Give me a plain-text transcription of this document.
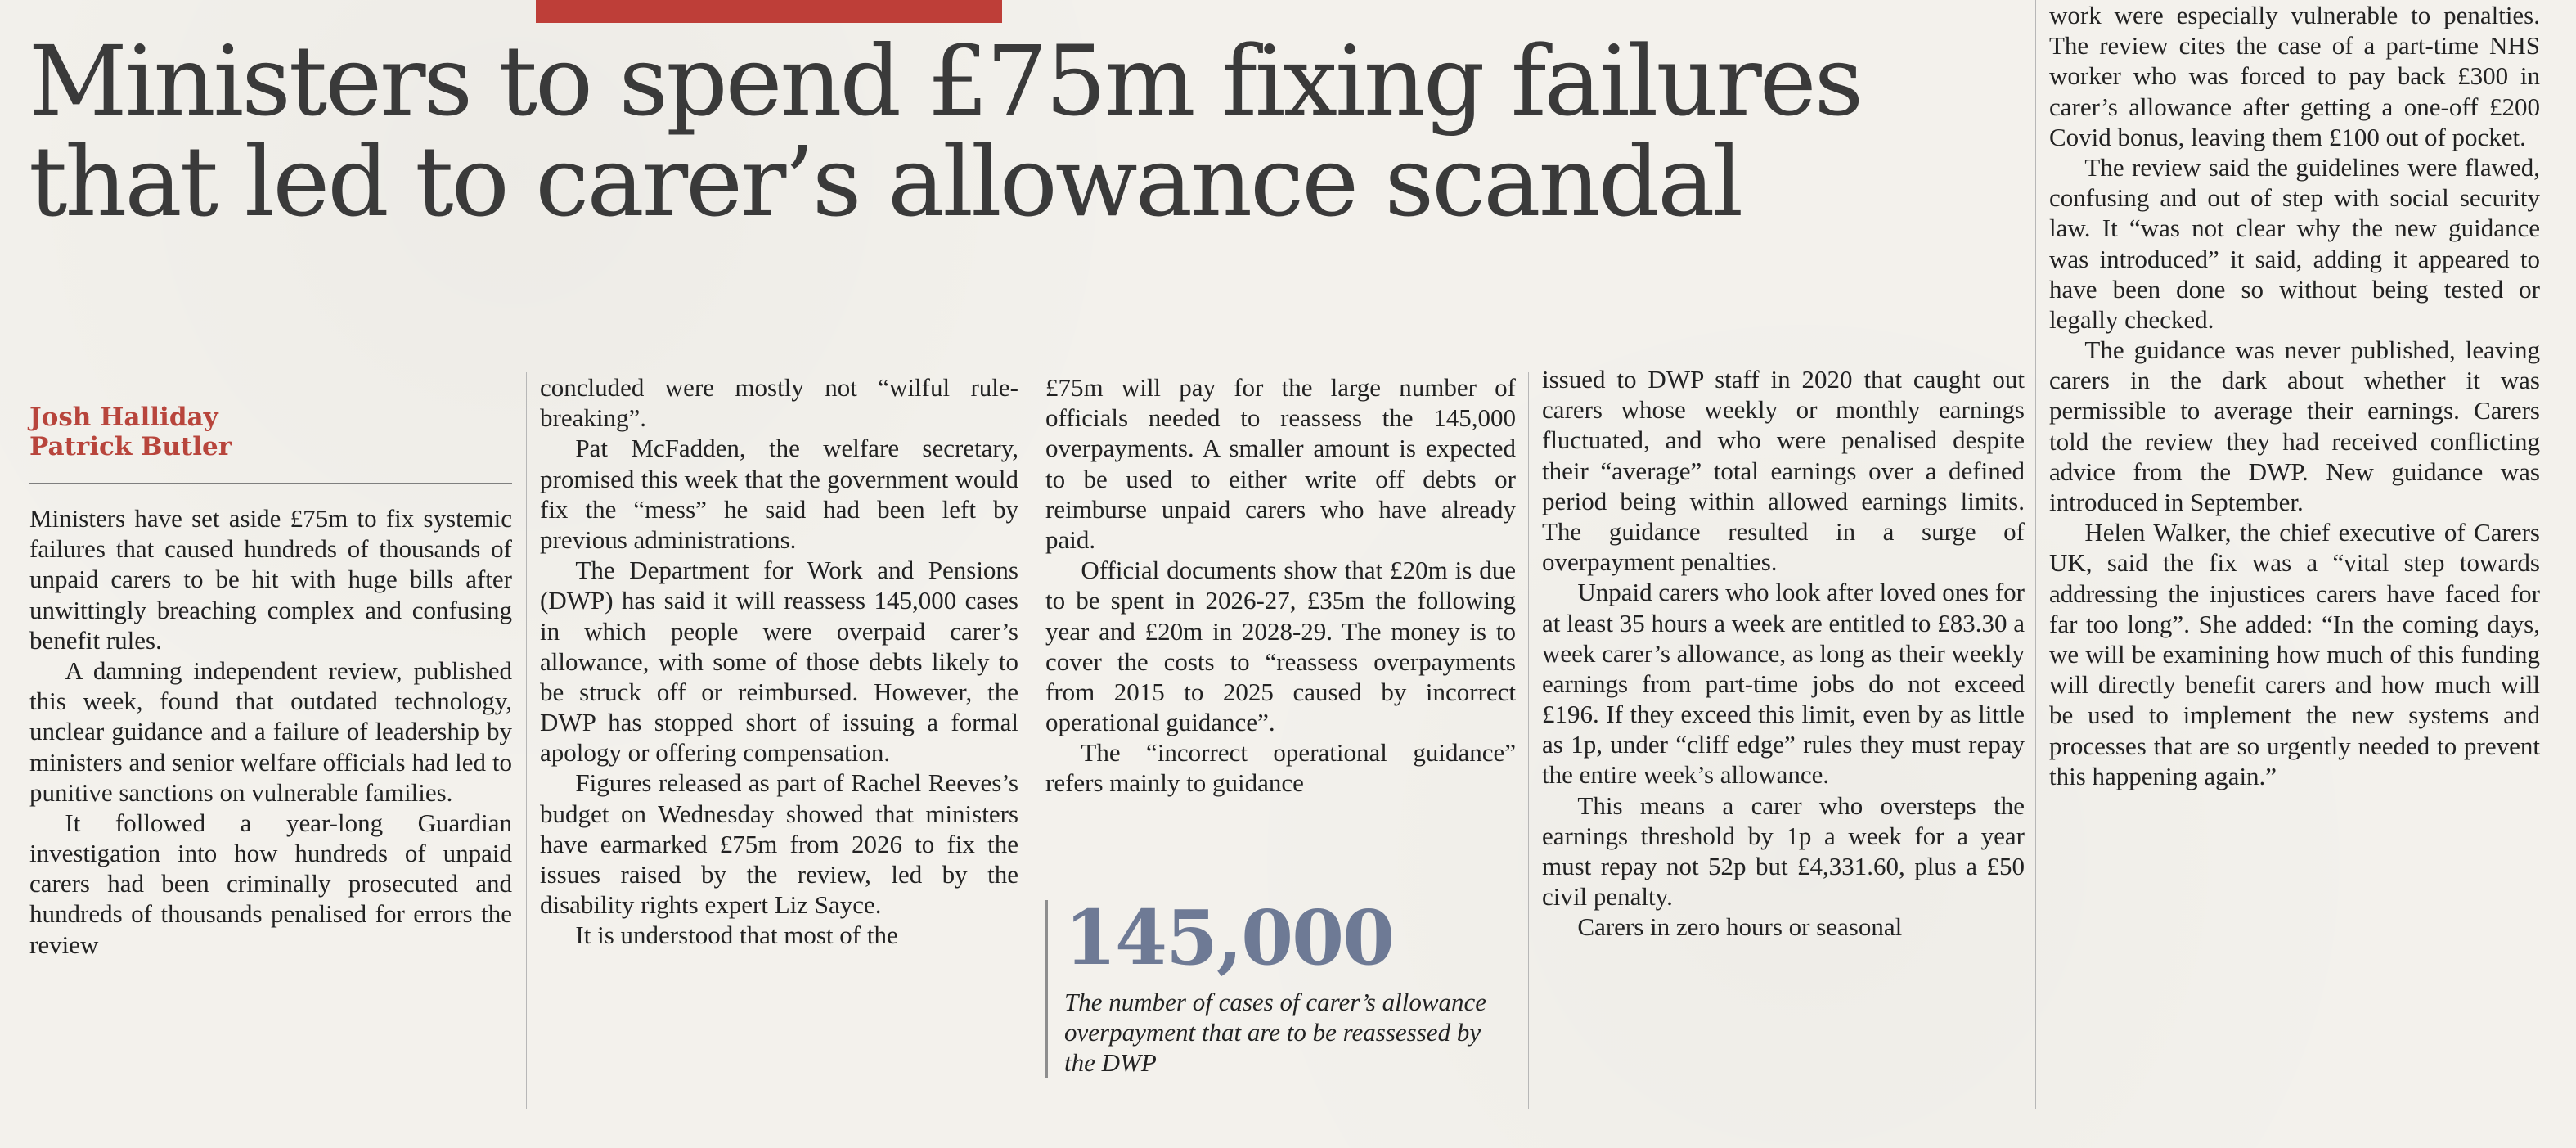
Ministers to spend £75m fixing failures
that led to carer’s allowance scandal
Josh Halliday
Patrick Butler

Ministers have set aside £75m to fix systemic failures that caused hundreds of thousands of unpaid carers to be hit with huge bills after unwittingly breaching complex and confusing benefit rules.

A damning independent review, published this week, found that outdated technology, unclear guidance and a failure of leadership by ministers and senior welfare officials had led to punitive sanctions on vulnerable families.

It followed a year-long Guardian investigation into how hundreds of unpaid carers had been criminally prosecuted and hundreds of thousands penalised for errors the review

concluded were mostly not “wilful rule-breaking”.

Pat McFadden, the welfare secretary, promised this week that the government would fix the “mess” he said had been left by previous administrations.

The Department for Work and Pensions (DWP) has said it will reassess 145,000 cases in which people were overpaid carer’s allowance, with some of those debts likely to be struck off or reimbursed. However, the DWP has stopped short of issuing a formal apology or offering compensation.

Figures released as part of Rachel Reeves’s budget on Wednesday showed that ministers have earmarked £75m from 2026 to fix the issues raised by the review, led by the disability rights expert Liz Sayce.

It is understood that most of the

£75m will pay for the large number of officials needed to reassess the 145,000 overpayments. A smaller amount is expected to be used to either write off debts or reimburse unpaid carers who have already paid.

Official documents show that £20m is due to be spent in 2026-27, £35m the following year and £20m in 2028-29. The money is to cover the costs to “reassess overpayments from 2015 to 2025 caused by incorrect operational guidance”.

The “incorrect operational guidance” refers mainly to guidance

145,000

The number of cases of carer’s allowance overpayment that are to be reassessed by the DWP

issued to DWP staff in 2020 that caught out carers whose weekly or monthly earnings fluctuated, and who were penalised despite their “average” total earnings over a defined period being within allowed earnings limits. The guidance resulted in a surge of overpayment penalties.

Unpaid carers who look after loved ones for at least 35 hours a week are entitled to £83.30 a week carer’s allowance, as long as their weekly earnings from part-time jobs do not exceed £196. If they exceed this limit, even by as little as 1p, under “cliff edge” rules they must repay the entire week’s allowance.

This means a carer who oversteps the earnings threshold by 1p a week for a year must repay not 52p but £4,331.60, plus a £50 civil penalty.

Carers in zero hours or seasonal

work were especially vulnerable to penalties. The review cites the case of a part-time NHS worker who was forced to pay back £300 in carer’s allowance after getting a one-off £200 Covid bonus, leaving them £100 out of pocket.

The review said the guidelines were flawed, confusing and out of step with social security law. It “was not clear why the new guidance was introduced” it said, adding it appeared to have been done so without being tested or legally checked.

The guidance was never published, leaving carers in the dark about whether it was permissible to average their earnings. Carers told the review they had received conflicting advice from the DWP. New guidance was introduced in September.

Helen Walker, the chief executive of Carers UK, said the fix was a “vital step towards addressing the injustices carers have faced for far too long”. She added: “In the coming days, we will be examining how much of this funding will directly benefit carers and how much will be used to implement the new systems and processes that are so urgently needed to prevent this happening again.”
